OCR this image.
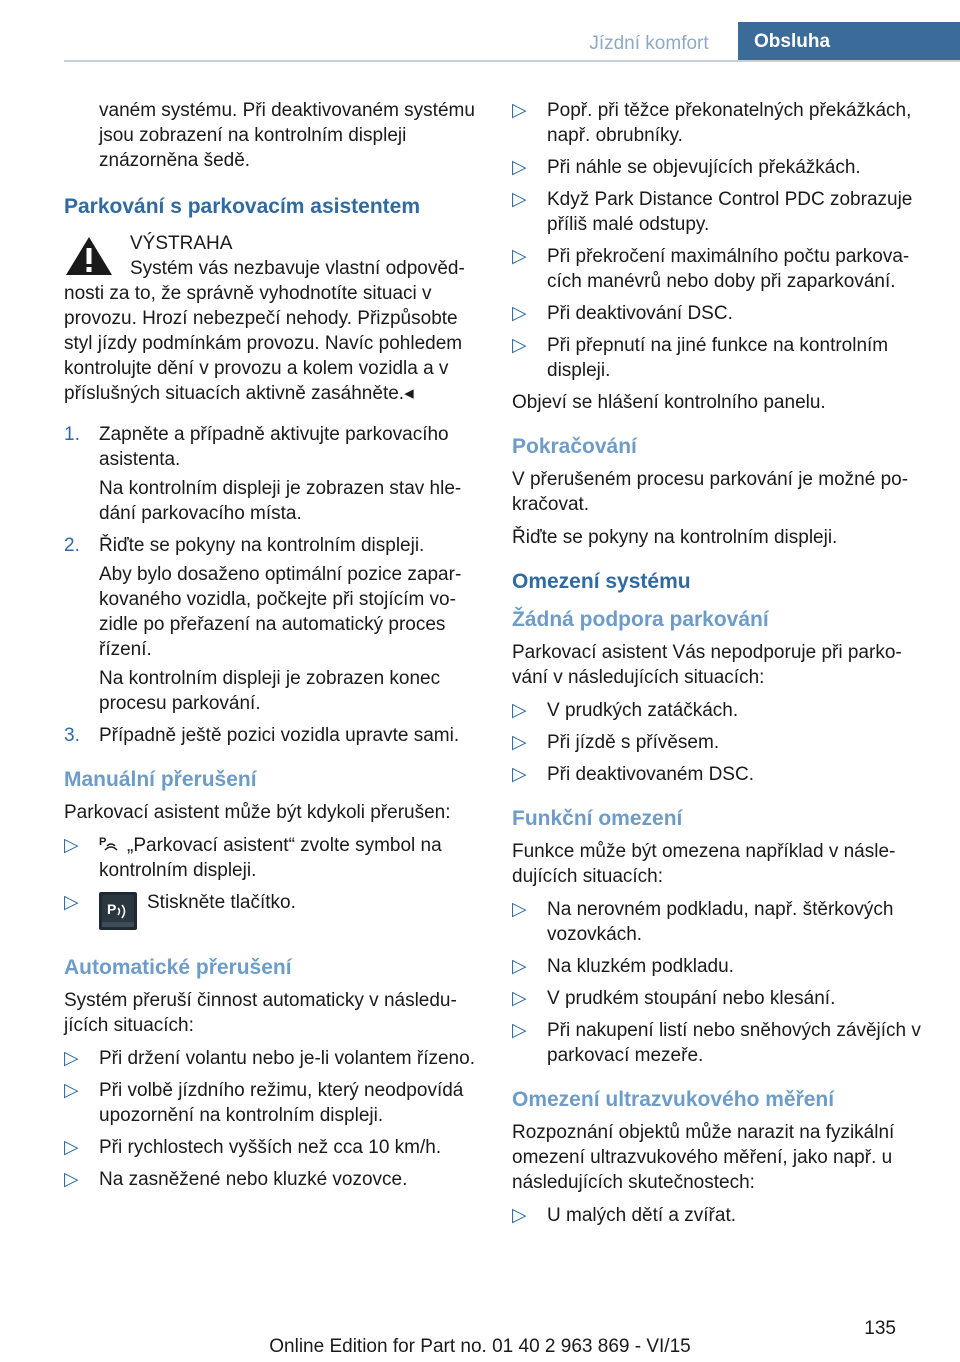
Jízdní komfort	Obsluha

vaném systému. Při deaktivovaném systému jsou zobrazení na kontrolním displeji znázorněna šedě.

Parkování s parkovacím asistentem
VÝSTRAHA
Systém vás nezbavuje vlastní odpovědnosti za to, že správně vyhodnotíte situaci v provozu. Hrozí nebezpečí nehody. Přizpůsobte styl jízdy podmínkám provozu. Navíc pohledem kontrolujte dění v provozu a kolem vozidla a v příslušných situacích aktivně zasáhněte.◂
1. Zapněte a případně aktivujte parkovacího asistenta.
Na kontrolním displeji je zobrazen stav hledání parkovacího místa.
2. Řiďte se pokyny na kontrolním displeji.
Aby bylo dosaženo optimální pozice zaparkovaného vozidla, počkejte při stojícím vozidle po přeřazení na automatický proces řízení.
Na kontrolním displeji je zobrazen konec procesu parkování.
3. Případně ještě pozici vozidla upravte sami.
Manuální přerušení

Parkovací asistent může být kdykoli přerušen:

▷ P „Parkovací asistent“ zvolte symbol na kontrolním displeji.
▷ P Stiskněte tlačítko.
Automatické přerušení

Systém přeruší činnost automaticky v následujících situacích:

▷ Při držení volantu nebo je-li volantem řízeno.
▷ Při volbě jízdního režimu, který neodpovídá upozornění na kontrolním displeji.
▷ Při rychlostech vyšších než cca 10 km/h.
▷ Na zasněžené nebo kluzké vozovce.
▷ Popř. při těžce překonatelných překážkách, např. obrubníky.
▷ Při náhle se objevujících překážkách.
▷ Když Park Distance Control PDC zobrazuje příliš malé odstupy.
▷ Při překročení maximálního počtu parkovacích manévrů nebo doby při zaparkování.
▷ Při deaktivování DSC.
▷ Při přepnutí na jiné funkce na kontrolním displeji.

Objeví se hlášení kontrolního panelu.

Pokračování

V přerušeném procesu parkování je možné pokračovat.

Řiďte se pokyny na kontrolním displeji.

Omezení systému
Žádná podpora parkování

Parkovací asistent Vás nepodporuje při parkování v následujících situacích:

▷ V prudkých zatáčkách.
▷ Při jízdě s přívěsem.
▷ Při deaktivovaném DSC.
Funkční omezení

Funkce může být omezena například v následujících situacích:

▷ Na nerovném podkladu, např. štěrkových vozovkách.
▷ Na kluzkém podkladu.
▷ V prudkém stoupání nebo klesání.
▷ Při nakupení listí nebo sněhových závějích v parkovací mezeře.
Omezení ultrazvukového měření

Rozpoznání objektů může narazit na fyzikální omezení ultrazvukového měření, jako např. u následujících skutečnostech:

▷ U malých dětí a zvířat.
135
Online Edition for Part no. 01 40 2 963 869 - VI/15
